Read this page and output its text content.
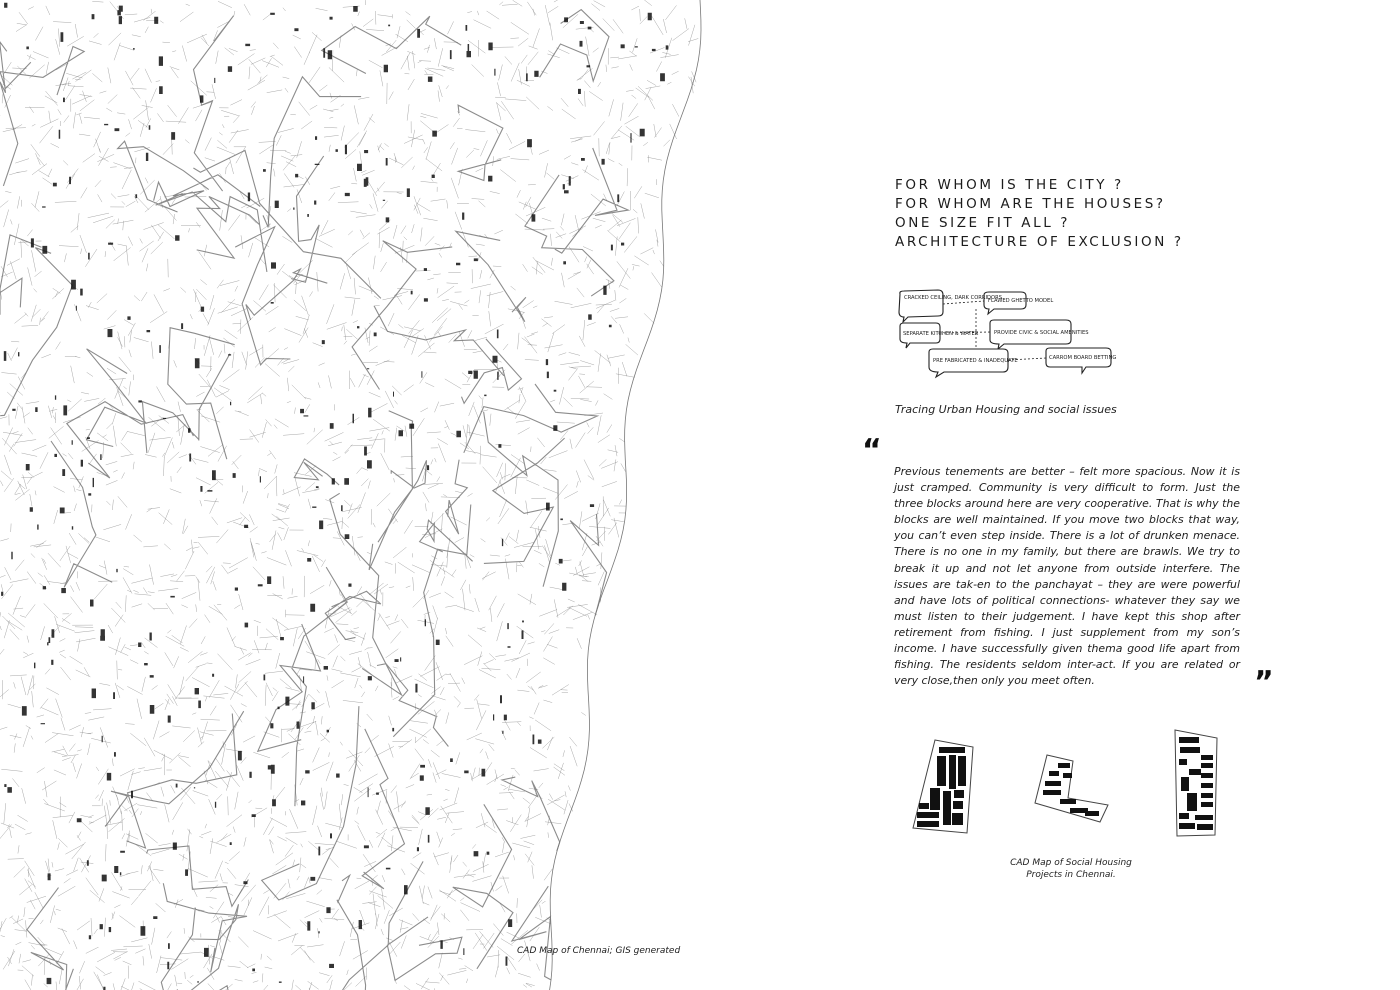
CAD Map of Chennai; GIS generated
FOR WHOM IS THE CITY ?
FOR WHOM ARE THE HOUSES?
ONE SIZE FIT ALL ?
ARCHITECTURE OF EXCLUSION ?
CRACKED CEILING, DARK CORRIDORS
FLAWED GHETTO MODEL
SEPARATE KITCHEN & WATER	PROVIDE CIVIC & SOCIAL AMENITIES
PRE FABRICATED & INADEQUATE	CARROM BOARD BETTING
Tracing Urban Housing and social issues
“
Previous tenements are better – felt more spacious. Now it is just cramped. Community is very difficult to form. Just the three blocks around here are very cooperative. That is why the blocks are well maintained. If you move two blocks that way, you can’t even step inside. There is a lot of drunken menace. There is no one in my family, but there are brawls. We try to break it up and not let anyone from outside interfere. The issues are tak-en to the panchayat – they are were powerful and have lots of political connections- whatever they say we must listen to their judgement. I have kept this shop after retirement from fishing. I just supplement from my son’s income. I have successfully given thema good life apart from fishing. The residents seldom inter-act. If you are related or very close,then only you meet often.	”
CAD Map of Social Housing
Projects in Chennai.
